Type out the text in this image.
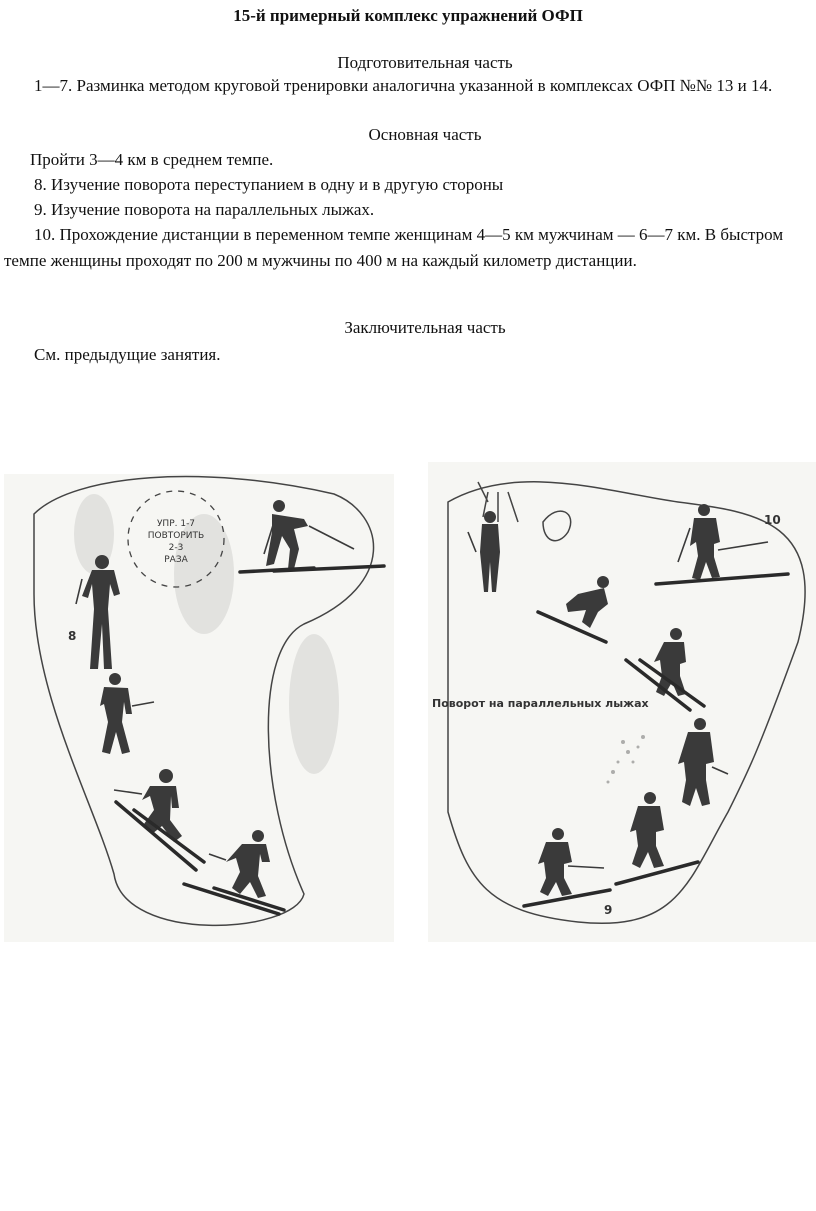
15-й примерный комплекс упражнений ОФП
Подготовительная часть

1—7. Разминка методом круговой тренировки аналогична указанной в комплексах ОФП №№ 13 и 14.

Основная часть

Пройти 3—4 км в среднем темпе.

8. Изучение поворота переступанием в одну и в другую стороны

9. Изучение поворота на параллельных лыжах.

10. Прохождение дистанции в переменном темпе женщинам 4—5 км мужчинам — 6—7 км. В быстром темпе женщины проходят по 200 м мужчины по 400 м на каждый километр дистанции.

Заключительная часть

См. предыдущие занятия.

УПР. 1-7
ПОВТОРИТЬ
2-3
РАЗА
8
10
Поворот на параллельных лыжах
9
